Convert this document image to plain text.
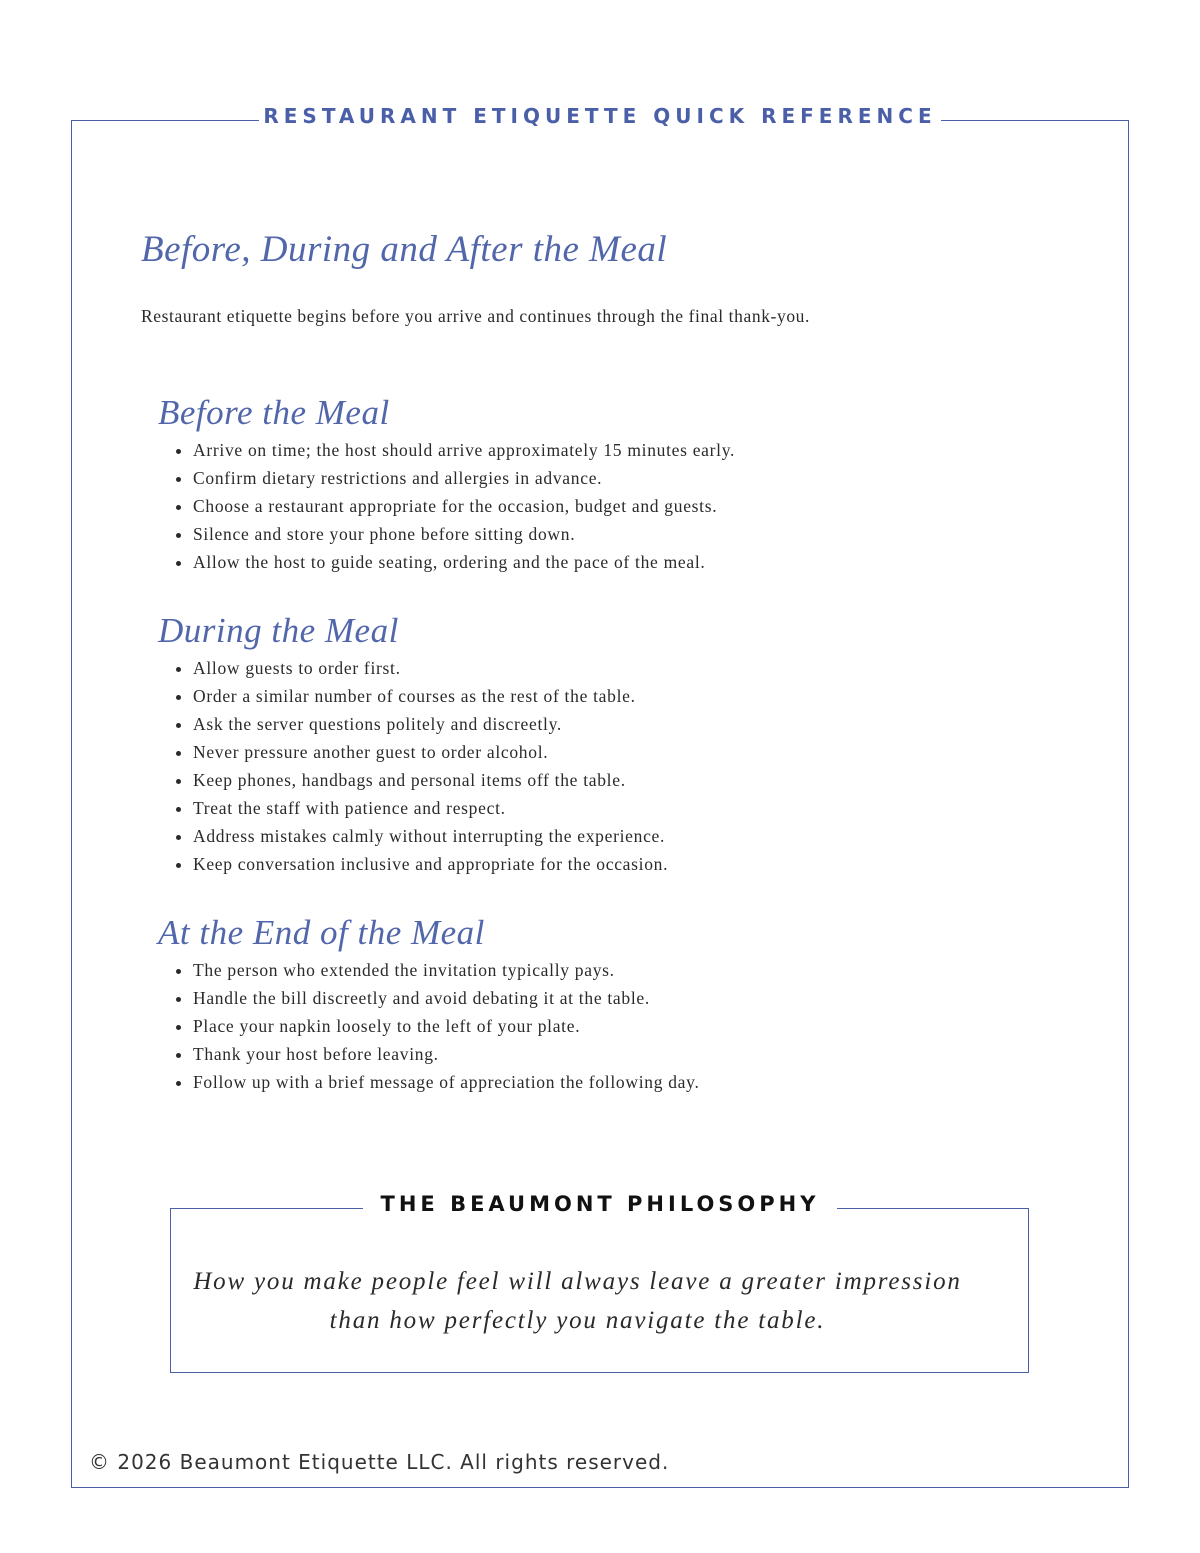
RESTAURANT ETIQUETTE QUICK REFERENCE
Before, During and After the Meal

Restaurant etiquette begins before you arrive and continues through the final thank-you.

Before the Meal
• Arrive on time; the host should arrive approximately 15 minutes early.
• Confirm dietary restrictions and allergies in advance.
• Choose a restaurant appropriate for the occasion, budget and guests.
• Silence and store your phone before sitting down.
• Allow the host to guide seating, ordering and the pace of the meal.
During the Meal
• Allow guests to order first.
• Order a similar number of courses as the rest of the table.
• Ask the server questions politely and discreetly.
• Never pressure another guest to order alcohol.
• Keep phones, handbags and personal items off the table.
• Treat the staff with patience and respect.
• Address mistakes calmly without interrupting the experience.
• Keep conversation inclusive and appropriate for the occasion.
At the End of the Meal
• The person who extended the invitation typically pays.
• Handle the bill discreetly and avoid debating it at the table.
• Place your napkin loosely to the left of your plate.
• Thank your host before leaving.
• Follow up with a brief message of appreciation the following day.
THE BEAUMONT PHILOSOPHY

How you make people feel will always leave a greater impression than how perfectly you navigate the table.

© 2026 Beaumont Etiquette LLC. All rights reserved.
